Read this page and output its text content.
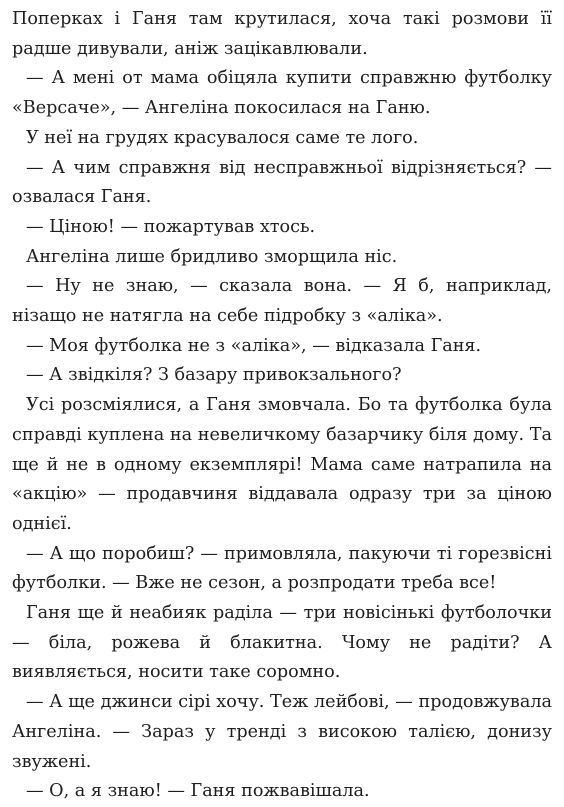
Поперках і Ганя там крутилася, хоча такі розмови її радше дивували, аніж зацікавлювали.

— А мені от мама обіцяла купити справжню футболку «Версаче», — Ангеліна покосилася на Ганю.

У неї на грудях красувалося саме те лого.

— А чим справжня від несправжньої відрізняється? — озвалася Ганя.

— Ціною! — пожартував хтось.

Ангеліна лише бридливо зморщила ніс.

— Ну не знаю, — сказала вона. — Я б, наприклад, нізащо не натягла на себе підробку з «аліка».

— Моя футболка не з «аліка», — відказала Ганя.

— А звідкіля? З базару привокзального?

Усі розсміялися, а Ганя змовчала. Бо та футболка була справді куплена на невеличкому базарчику біля дому. Та ще й не в одному екземплярі! Мама саме натрапила на «акцію» — продавчиня віддавала одразу три за ціною однієї.

— А що поробиш? — примовляла, пакуючи ті горезвісні футболки. — Вже не сезон, а розпродати треба все!

Ганя ще й неабияк раділа — три новісінькі футболочки — біла, рожева й блакитна. Чому не радіти? А виявляється, носити таке соромно.

— А ще джинси сірі хочу. Теж лейбові, — продовжувала Ангеліна. — Зараз у тренді з високою талією, донизу звужені.

— О, а я знаю! — Ганя пожвавішала.
